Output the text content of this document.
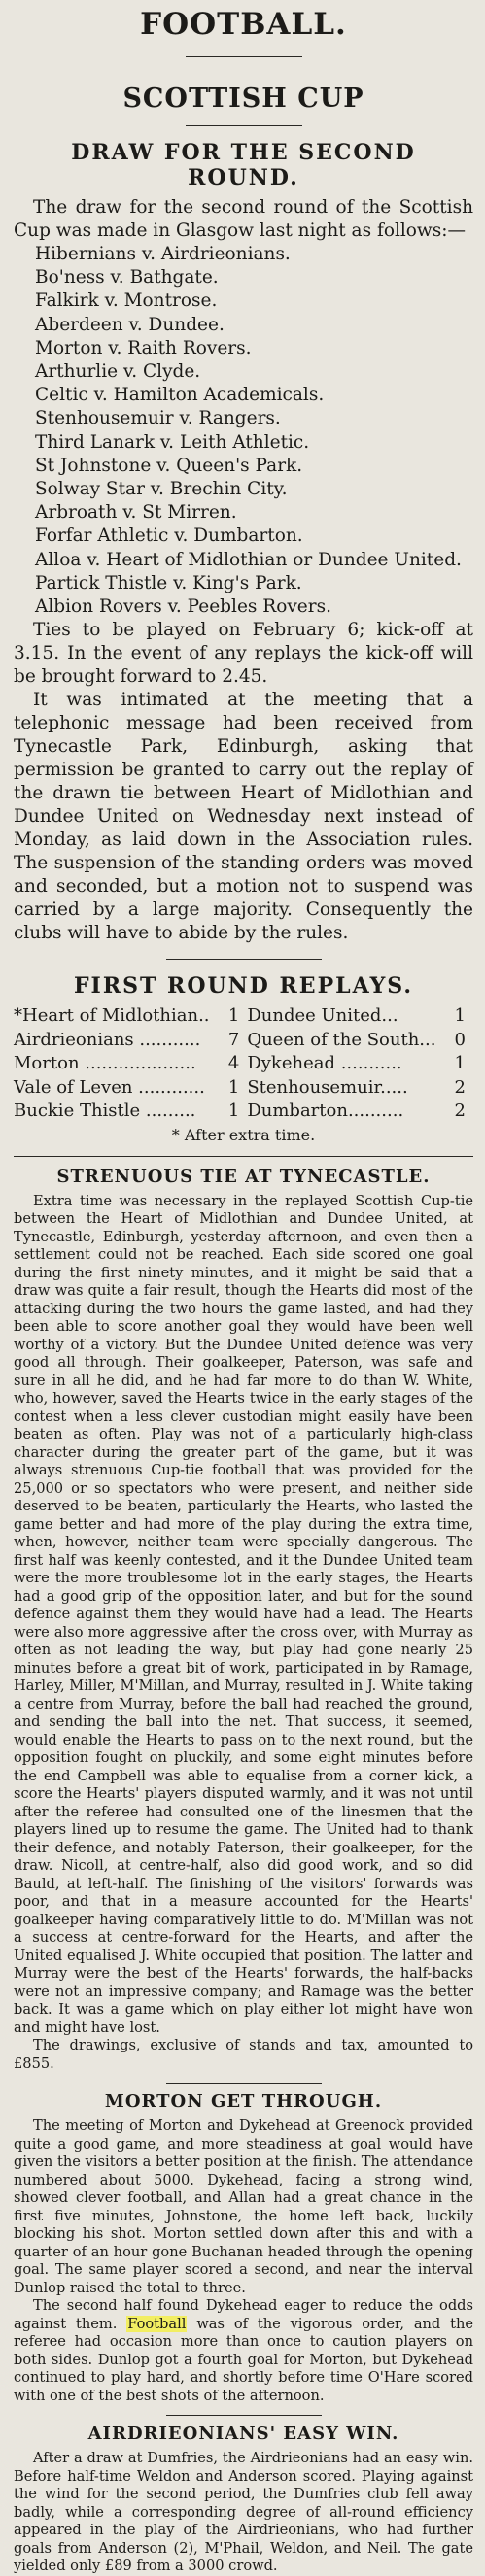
FOOTBALL.
SCOTTISH CUP
DRAW FOR THE SECOND ROUND.

The draw for the second round of the Scottish Cup was made in Glasgow last night as follows:—

Hibernians v. Airdrieonians.
Bo'ness v. Bathgate.
Falkirk v. Montrose.
Aberdeen v. Dundee.
Morton v. Raith Rovers.
Arthurlie v. Clyde.
Celtic v. Hamilton Academicals.
Stenhousemuir v. Rangers.
Third Lanark v. Leith Athletic.
St Johnstone v. Queen's Park.
Solway Star v. Brechin City.
Arbroath v. St Mirren.
Forfar Athletic v. Dumbarton.
Alloa v. Heart of Midlothian or Dundee United.
Partick Thistle v. King's Park.
Albion Rovers v. Peebles Rovers.

Ties to be played on February 6; kick-off at 3.15. In the event of any replays the kick-off will be brought forward to 2.45.

It was intimated at the meeting that a telephonic message had been received from Tynecastle Park, Edinburgh, asking that permission be granted to carry out the replay of the drawn tie between Heart of Midlothian and Dundee United on Wednesday next instead of Monday, as laid down in the Association rules. The suspension of the standing orders was moved and seconded, but a motion not to suspend was carried by a large majority. Consequently the clubs will have to abide by the rules.

FIRST ROUND REPLAYS.
*Heart of Midlothian..	1	Dundee United...	1
Airdrieonians ...........	7	Queen of the South...	0
Morton ....................	4	Dykehead ...........	1
Vale of Leven ............	1	Stenhousemuir.....	2
Buckie Thistle .........	1	Dumbarton..........	2
* After extra time.
STRENUOUS TIE AT TYNECASTLE.

Extra time was necessary in the replayed Scottish Cup-tie between the Heart of Midlothian and Dundee United, at Tynecastle, Edinburgh, yesterday afternoon, and even then a settlement could not be reached. Each side scored one goal during the first ninety minutes, and it might be said that a draw was quite a fair result, though the Hearts did most of the attacking during the two hours the game lasted, and had they been able to score another goal they would have been well worthy of a victory. But the Dundee United defence was very good all through. Their goalkeeper, Paterson, was safe and sure in all he did, and he had far more to do than W. White, who, however, saved the Hearts twice in the early stages of the contest when a less clever custodian might easily have been beaten as often. Play was not of a particularly high-class character during the greater part of the game, but it was always strenuous Cup-tie football that was provided for the 25,000 or so spectators who were present, and neither side deserved to be beaten, particularly the Hearts, who lasted the game better and had more of the play during the extra time, when, however, neither team were specially dangerous. The first half was keenly contested, and it the Dundee United team were the more troublesome lot in the early stages, the Hearts had a good grip of the opposition later, and but for the sound defence against them they would have had a lead. The Hearts were also more aggressive after the cross over, with Murray as often as not leading the way, but play had gone nearly 25 minutes before a great bit of work, participated in by Ramage, Harley, Miller, M'Millan, and Murray, resulted in J. White taking a centre from Murray, before the ball had reached the ground, and sending the ball into the net. That success, it seemed, would enable the Hearts to pass on to the next round, but the opposition fought on pluckily, and some eight minutes before the end Campbell was able to equalise from a corner kick, a score the Hearts' players disputed warmly, and it was not until after the referee had consulted one of the linesmen that the players lined up to resume the game. The United had to thank their defence, and notably Paterson, their goalkeeper, for the draw. Nicoll, at centre-half, also did good work, and so did Bauld, at left-half. The finishing of the visitors' forwards was poor, and that in a measure accounted for the Hearts' goalkeeper having comparatively little to do. M'Millan was not a success at centre-forward for the Hearts, and after the United equalised J. White occupied that position. The latter and Murray were the best of the Hearts' forwards, the half-backs were not an impressive company; and Ramage was the better back. It was a game which on play either lot might have won and might have lost.

The drawings, exclusive of stands and tax, amounted to £855.

MORTON GET THROUGH.

The meeting of Morton and Dykehead at Greenock provided quite a good game, and more steadiness at goal would have given the visitors a better position at the finish. The attendance numbered about 5000. Dykehead, facing a strong wind, showed clever football, and Allan had a great chance in the first five minutes, Johnstone, the home left back, luckily blocking his shot. Morton settled down after this and with a quarter of an hour gone Buchanan headed through the opening goal. The same player scored a second, and near the interval Dunlop raised the total to three.

The second half found Dykehead eager to reduce the odds against them. Football was of the vigorous order, and the referee had occasion more than once to caution players on both sides. Dunlop got a fourth goal for Morton, but Dykehead continued to play hard, and shortly before time O'Hare scored with one of the best shots of the afternoon.

AIRDRIEONIANS' EASY WIN.

After a draw at Dumfries, the Airdrieonians had an easy win. Before half-time Weldon and Anderson scored. Playing against the wind for the second period, the Dumfries club fell away badly, while a corresponding degree of all-round efficiency appeared in the play of the Airdrieonians, who had further goals from Anderson (2), M'Phail, Weldon, and Neil. The gate yielded only £89 from a 3000 crowd.
